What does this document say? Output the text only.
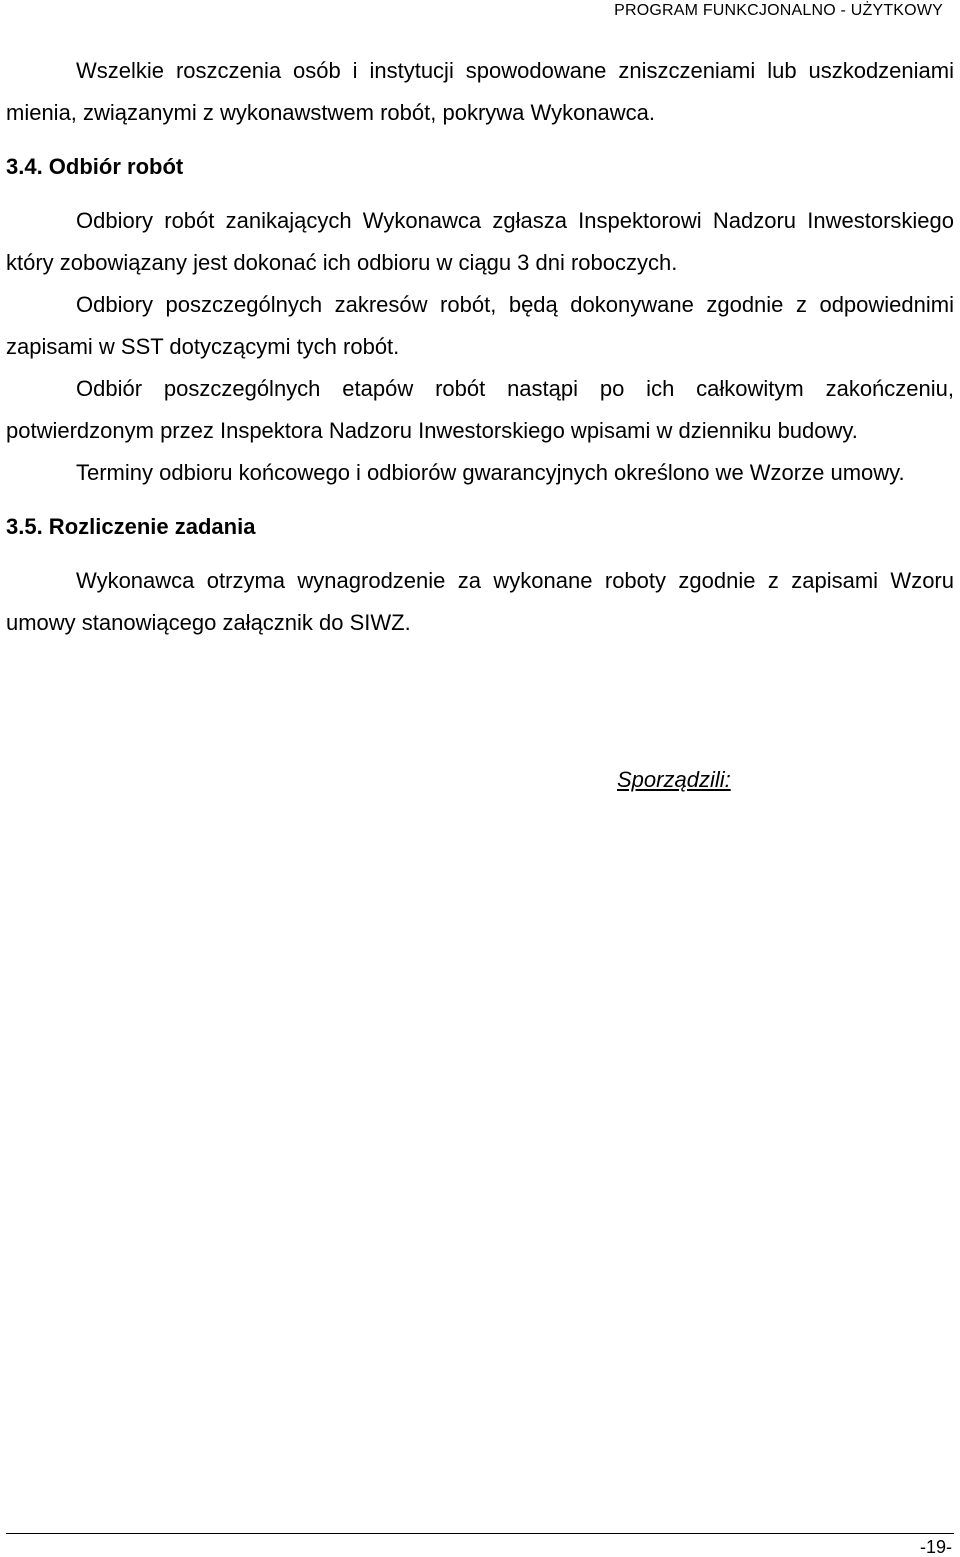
PROGRAM FUNKCJONALNO - UŻYTKOWY

Wszelkie roszczenia osób i instytucji spowodowane zniszczeniami lub uszkodzeniami mienia, związanymi z wykonawstwem robót, pokrywa Wykonawca.

3.4. Odbiór robót

Odbiory robót zanikających Wykonawca zgłasza Inspektorowi Nadzoru Inwestorskiego który zobowiązany jest dokonać ich odbioru w ciągu 3 dni roboczych.

Odbiory poszczególnych zakresów robót, będą dokonywane zgodnie z odpowiednimi zapisami w SST dotyczącymi tych robót.

Odbiór poszczególnych etapów robót nastąpi po ich całkowitym zakończeniu, potwierdzonym przez Inspektora Nadzoru Inwestorskiego wpisami w dzienniku budowy.

Terminy odbioru końcowego i odbiorów gwarancyjnych określono we Wzorze umowy.

3.5. Rozliczenie zadania

Wykonawca otrzyma wynagrodzenie za wykonane roboty zgodnie z zapisami Wzoru umowy stanowiącego załącznik do SIWZ.

Sporządzili:
-19-
